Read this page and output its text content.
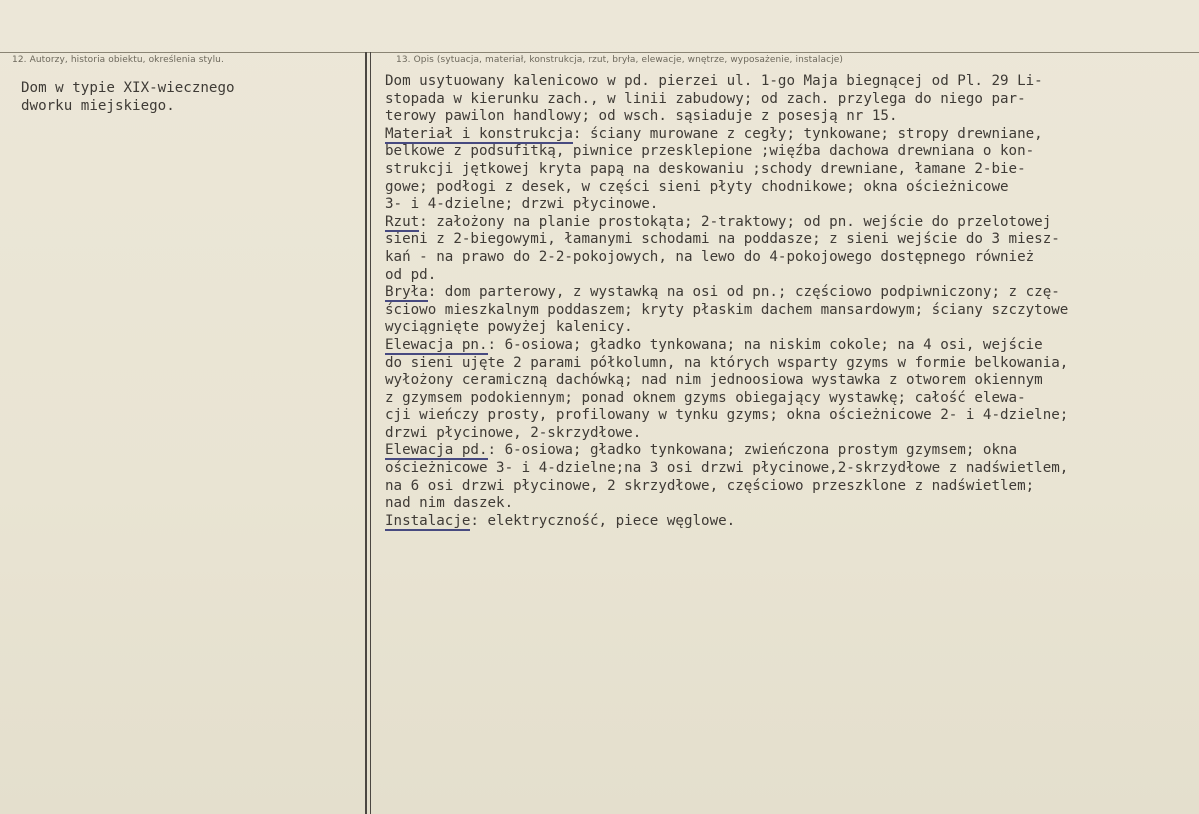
12. Autorzy, historia obiektu, określenia stylu.	13. Opis (sytuacja, materiał, konstrukcja, rzut, bryła, elewacje, wnętrze, wyposażenie, instalacje)
Dom w typie XIX-wiecznego
dworku miejskiego.
Dom usytuowany kalenicowo w pd. pierzei ul. 1-go Maja biegnącej od Pl. 29 Li-
stopada w kierunku zach., w linii zabudowy; od zach. przylega do niego par-
terowy pawilon handlowy; od wsch. sąsiaduje z posesją nr 15.
Materiał i konstrukcja: ściany murowane z cegły; tynkowane; stropy drewniane,
belkowe z podsufitką, piwnice przesklepione ;więźba dachowa drewniana o kon-
strukcji jętkowej kryta papą na deskowaniu ;schody drewniane, łamane 2-bie-
gowe; podłogi z desek, w części sieni płyty chodnikowe; okna ościeżnicowe
3- i 4-dzielne; drzwi płycinowe.
Rzut: założony na planie prostokąta; 2-traktowy; od pn. wejście do przelotowej
sieni z 2-biegowymi, łamanymi schodami na poddasze; z sieni wejście do 3 miesz-
kań - na prawo do 2-2-pokojowych, na lewo do 4-pokojowego dostępnego również
od pd.
Bryła: dom parterowy, z wystawką na osi od pn.; częściowo podpiwniczony; z czę-
ściowo mieszkalnym poddaszem; kryty płaskim dachem mansardowym; ściany szczytowe
wyciągnięte powyżej kalenicy.
Elewacja pn.: 6-osiowa; gładko tynkowana; na niskim cokole; na 4 osi, wejście
do sieni ujęte 2 parami półkolumn, na których wsparty gzyms w formie belkowania,
wyłożony ceramiczną dachówką; nad nim jednoosiowa wystawka z otworem okiennym
z gzymsem podokiennym; ponad oknem gzyms obiegający wystawkę; całość elewa-
cji wieńczy prosty, profilowany w tynku gzyms; okna ościeżnicowe 2- i 4-dzielne;
drzwi płycinowe, 2-skrzydłowe.
Elewacja pd.: 6-osiowa; gładko tynkowana; zwieńczona prostym gzymsem; okna
ościeżnicowe 3- i 4-dzielne;na 3 osi drzwi płycinowe,2-skrzydłowe z nadświetlem,
na 6 osi drzwi płycinowe, 2 skrzydłowe, częściowo przeszklone z nadświetlem;
nad nim daszek.
Instalacje: elektryczność, piece węglowe.
